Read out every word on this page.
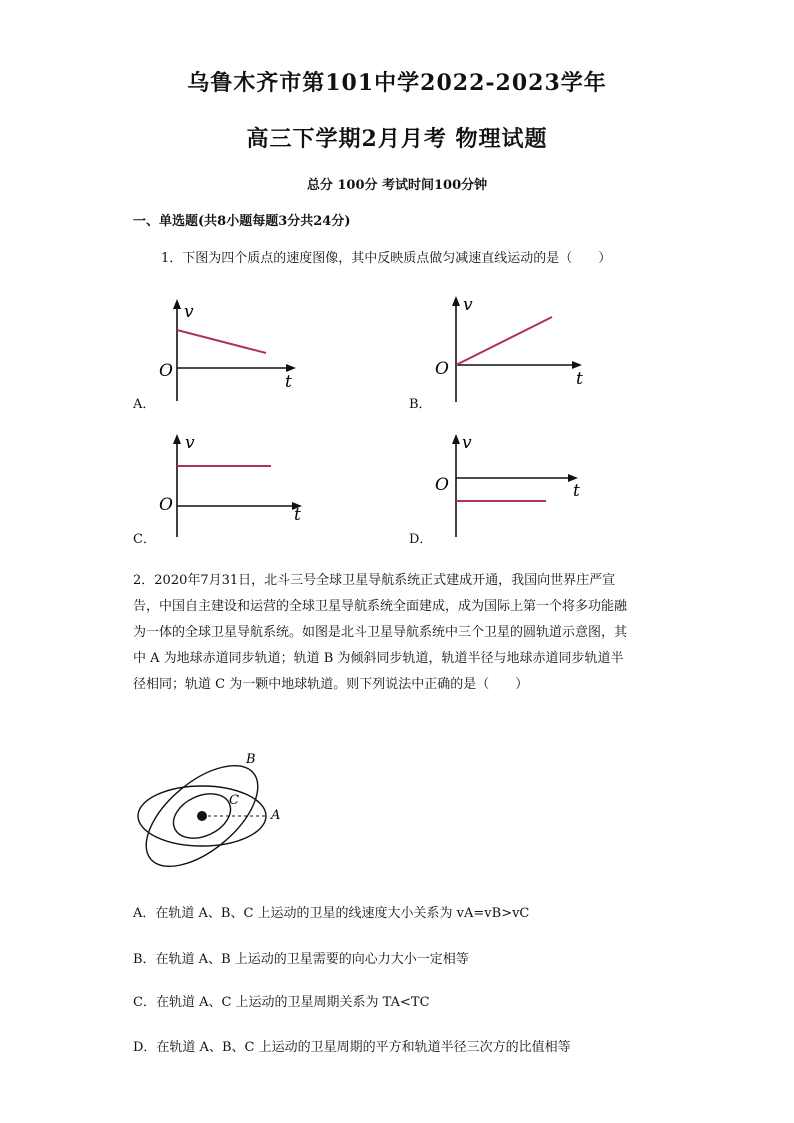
乌鲁木齐市第101中学2022-2023学年
高三下学期2月月考 物理试题
总分 100分 考试时间100分钟
一、单选题(共8小题每题3分共24分)
1．下图为四个质点的速度图像，其中反映质点做匀减速直线运动的是（　　）
A．
v
t
O
B．
v
t
O
C．
v
t
O
D．
v
t
O
2．2020年7月31日，北斗三号全球卫星导航系统正式建成开通，我国向世界庄严宣
告，中国自主建设和运营的全球卫星导航系统全面建成，成为国际上第一个将多功能融
为一体的全球卫星导航系统。如图是北斗卫星导航系统中三个卫星的圆轨道示意图，其
中 A 为地球赤道同步轨道；轨道 B 为倾斜同步轨道，轨道半径与地球赤道同步轨道半
径相同；轨道 C 为一颗中地球轨道。则下列说法中正确的是（　　）
B
C
A
A．在轨道 A、B、C 上运动的卫星的线速度大小关系为 vA=vB>vC
B．在轨道 A、B 上运动的卫星需要的向心力大小一定相等
C．在轨道 A、C 上运动的卫星周期关系为 TA<TC
D．在轨道 A、B、C 上运动的卫星周期的平方和轨道半径三次方的比值相等
